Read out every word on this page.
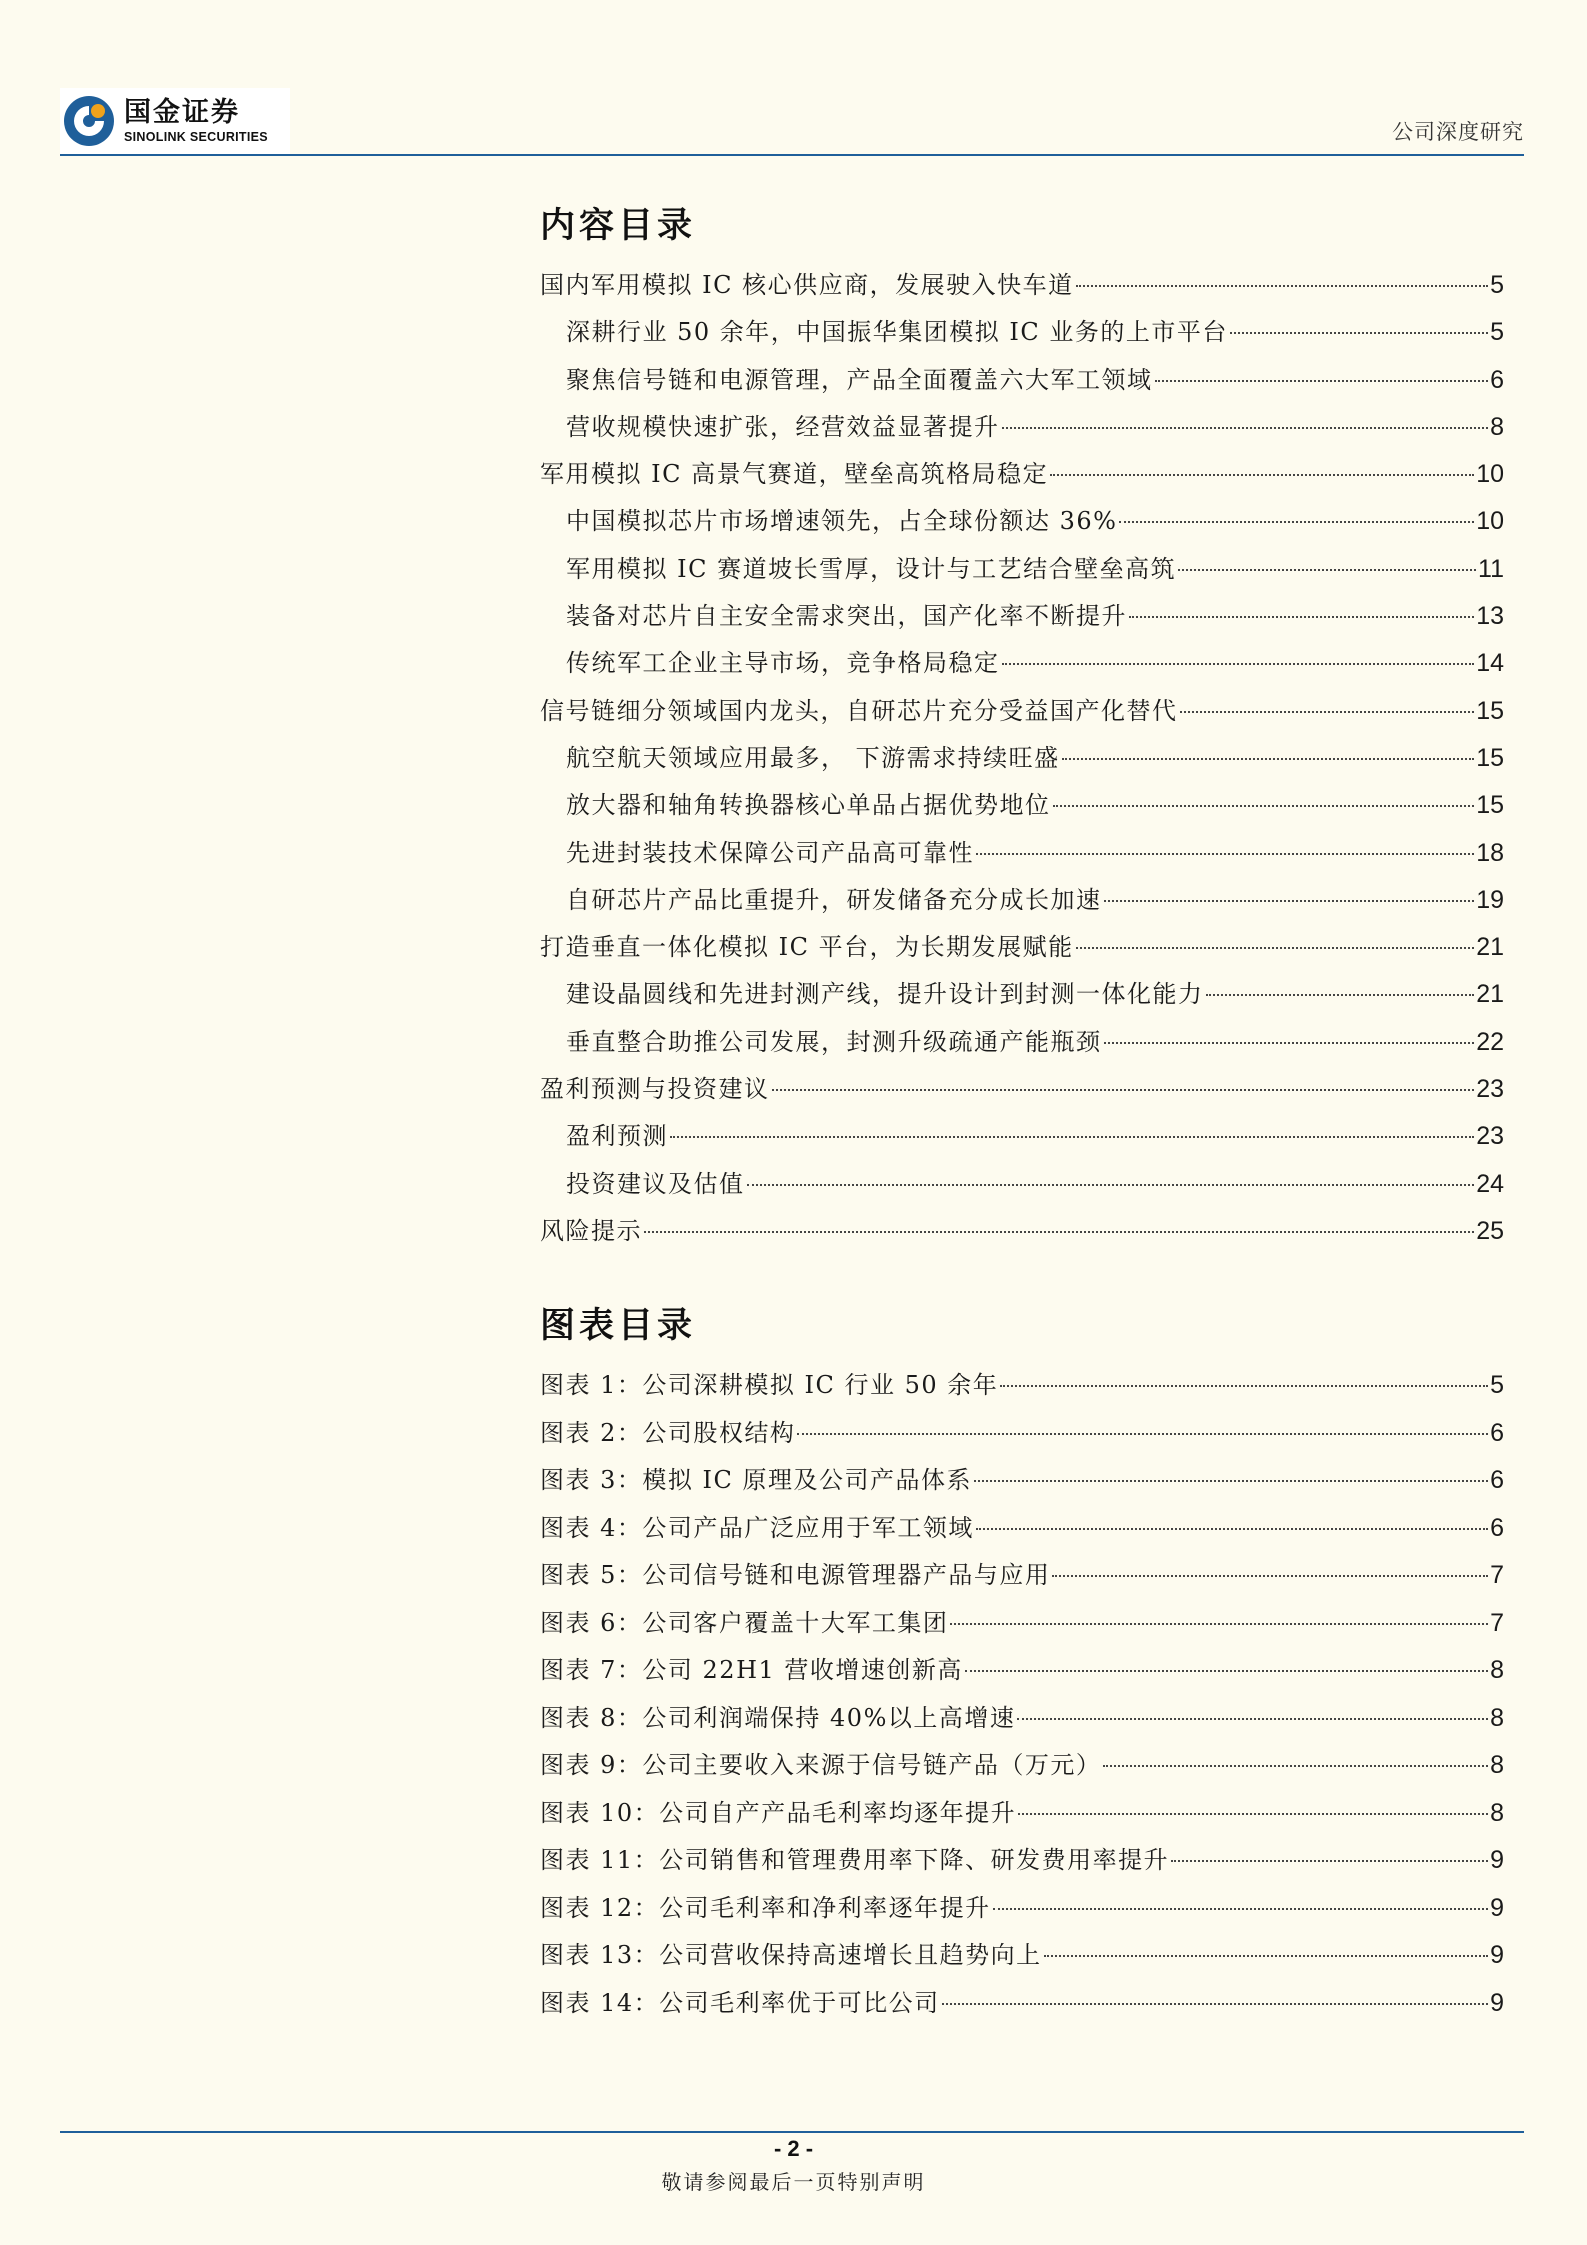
国金证券
SINOLINK SECURITIES	公司深度研究
内容目录
国内军用模拟 IC 核心供应商，发展驶入快车道	5
深耕行业 50 余年，中国振华集团模拟 IC 业务的上市平台	5
聚焦信号链和电源管理，产品全面覆盖六大军工领域	6
营收规模快速扩张，经营效益显著提升	8
军用模拟 IC 高景气赛道，壁垒高筑格局稳定	10
中国模拟芯片市场增速领先，占全球份额达 36%	10
军用模拟 IC 赛道坡长雪厚，设计与工艺结合壁垒高筑	11
装备对芯片自主安全需求突出，国产化率不断提升	13
传统军工企业主导市场，竞争格局稳定	14
信号链细分领域国内龙头，自研芯片充分受益国产化替代	15
航空航天领域应用最多， 下游需求持续旺盛	15
放大器和轴角转换器核心单品占据优势地位	15
先进封装技术保障公司产品高可靠性	18
自研芯片产品比重提升，研发储备充分成长加速	19
打造垂直一体化模拟 IC 平台，为长期发展赋能	21
建设晶圆线和先进封测产线，提升设计到封测一体化能力	21
垂直整合助推公司发展，封测升级疏通产能瓶颈	22
盈利预测与投资建议	23
盈利预测	23
投资建议及估值	24
风险提示	25
图表目录
图表 1：公司深耕模拟 IC 行业 50 余年	5
图表 2：公司股权结构	6
图表 3：模拟 IC 原理及公司产品体系	6
图表 4：公司产品广泛应用于军工领域	6
图表 5：公司信号链和电源管理器产品与应用	7
图表 6：公司客户覆盖十大军工集团	7
图表 7：公司 22H1 营收增速创新高	8
图表 8：公司利润端保持 40%以上高增速	8
图表 9：公司主要收入来源于信号链产品（万元）	8
图表 10：公司自产产品毛利率均逐年提升	8
图表 11：公司销售和管理费用率下降、研发费用率提升	9
图表 12：公司毛利率和净利率逐年提升	9
图表 13：公司营收保持高速增长且趋势向上	9
图表 14：公司毛利率优于可比公司	9
- 2 -
敬请参阅最后一页特别声明
